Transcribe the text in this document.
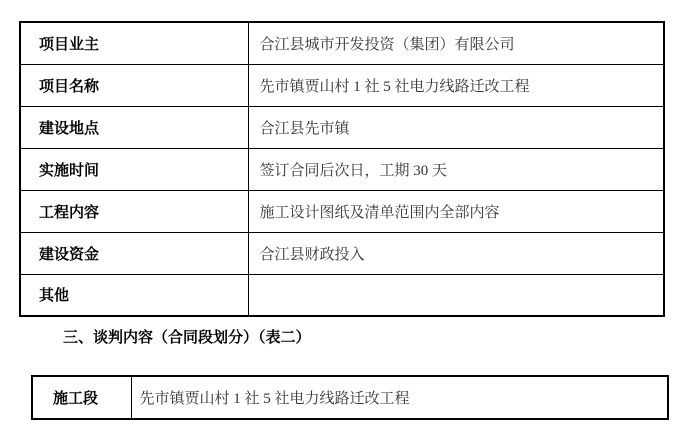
项目业主	合江县城市开发投资（集团）有限公司
项目名称	先市镇贾山村 1 社 5 社电力线路迁改工程
建设地点	合江县先市镇
实施时间	签订合同后次日，工期 30 天
工程内容	施工设计图纸及清单范围内全部内容
建设资金	合江县财政投入
其他	
三、谈判内容（合同段划分）（表二）
施工段	先市镇贾山村 1 社 5 社电力线路迁改工程
